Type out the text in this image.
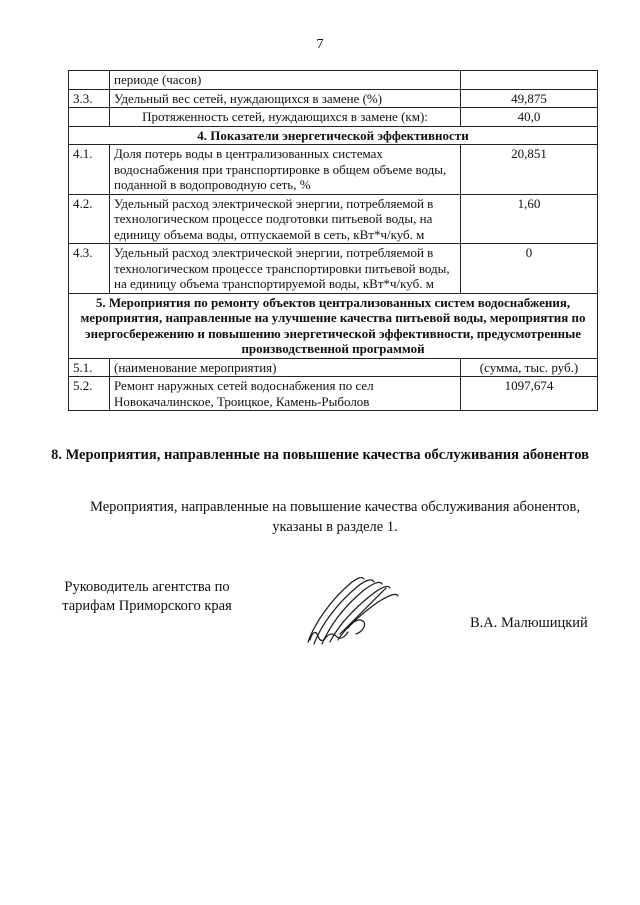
7
	периоде (часов)	
3.3.	Удельный вес сетей, нуждающихся в замене (%)	49,875
	Протяженность сетей, нуждающихся в замене (км):	40,0
4. Показатели энергетической эффективности		
4.1.	Доля потерь воды в централизованных системах водоснабжения при транспортировке в общем объеме воды, поданной в водопроводную сеть, %	20,851
4.2.	Удельный расход электрической энергии, потребляемой в технологическом процессе подготовки питьевой воды, на единицу объема воды, отпускаемой в сеть, кВт*ч/куб. м	1,60
4.3.	Удельный расход электрической энергии, потребляемой в технологическом процессе транспортировки питьевой воды, на единицу объема транспортируемой воды, кВт*ч/куб. м	0
5. Мероприятия по ремонту объектов централизованных систем водоснабжения, мероприятия, направленные на улучшение качества питьевой воды, мероприятия по энергосбережению и повышению энергетической эффективности, предусмотренные производственной программой		
5.1.	(наименование мероприятия)	(сумма, тыс. руб.)
5.2.	Ремонт наружных сетей водоснабжения по сел Новокачалинское, Троицкое, Камень-Рыболов	1097,674
8. Мероприятия, направленные на повышение качества обслуживания абонентов
Мероприятия, направленные на повышение качества обслуживания абонентов, указаны в разделе 1.
Руководитель агентства по тарифам Приморского края
В.А. Малюшицкий
